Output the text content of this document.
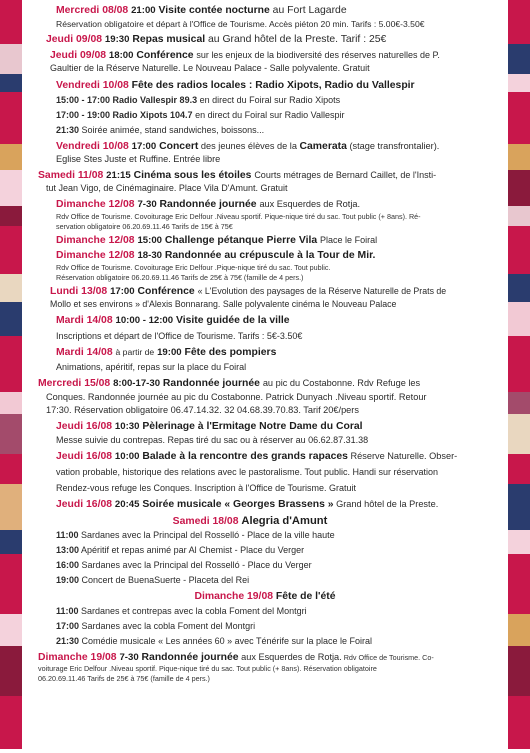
Mercredi 08/08 21:00 Visite contée nocturne au Fort Lagarde
Réservation obligatoire et départ à l'Office de Tourisme. Accès piéton 20 min. Tarifs : 5.00€-3.50€
Jeudi 09/08 19:30 Repas musical au Grand hôtel de la Preste. Tarif : 25€
Jeudi 09/08 18:00 Conférence sur les enjeux de la biodiversité des réserves naturelles de P.
Gaultier de la Réserve Naturelle. Le Nouveau Palace - Salle polyvalente. Gratuit
Vendredi 10/08 Fête des radios locales : Radio Xipots, Radio du Vallespir
15:00 - 17:00 Radio Vallespir 89.3 en direct du Foiral sur Radio Xipots
17:00 - 19:00 Radio Xipots 104.7 en direct du Foiral sur Radio Vallespir
21:30 Soirée animée, stand sandwiches, boissons...
Vendredi 10/08 17:00 Concert des jeunes élèves de la Camerata (stage transfrontalier).
Eglise Stes Juste et Ruffine. Entrée libre
Samedi 11/08 21:15 Cinéma sous les étoiles Courts métrages de Bernard Caillet, de l'Insti-
tut Jean Vigo, de Cinémaginaire. Place Vila D'Amunt. Gratuit
Dimanche 12/08 7-30 Randonnée journée aux Esquerdes de Rotja.
Rdv Office de Tourisme. Covoiturage Eric Delfour .Niveau sportif. Pique-nique tiré du sac. Tout public (+ 8ans). Ré-
servation obligatoire 06.20.69.11.46 Tarifs de 15€ à 75€
Dimanche 12/08 15:00 Challenge pétanque Pierre Vila Place le Foiral
Dimanche 12/08 18-30 Randonnée au crépuscule à la Tour de Mir.
Rdv Office de Tourisme. Covoiturage Eric Delfour .Pique-nique tiré du sac. Tout public.
Réservation obligatoire 06.20.69.11.46 Tarifs de 25€ à 75€ (famille de 4 pers.)
Lundi 13/08 17:00 Conférence « L'Evolution des paysages de la Réserve Naturelle de Prats de
Mollo et ses environs » d'Alexis Bonnarang. Salle polyvalente cinéma le Nouveau Palace
Mardi 14/08 10:00 - 12:00 Visite guidée de la ville
Inscriptions et départ de l'Office de Tourisme. Tarifs : 5€-3.50€
Mardi 14/08 à partir de 19:00 Fête des pompiers
Animations, apéritif, repas sur la place du Foiral
Mercredi 15/08 8:00-17-30 Randonnée journée au pic du Costabonne. Rdv Refuge les
Conques. Randonnée journée au pic du Costabonne. Patrick Dunyach .Niveau sportif. Retour
17:30. Réservation obligatoire 06.47.14.32. 32 04.68.39.70.83. Tarif 20€/pers
Jeudi 16/08 10:30 Pèlerinage à l'Ermitage Notre Dame du Coral
Messe suivie du contrepas. Repas tiré du sac ou à réserver au 06.62.87.31.38
Jeudi 16/08 10:00 Balade à la rencontre des grands rapaces Réserve Naturelle. Obser-
vation probable, historique des relations avec le pastoralisme. Tout public. Handi sur réservation
Rendez-vous refuge les Conques. Inscription à l'Office de Tourisme. Gratuit
Jeudi 16/08 20:45 Soirée musicale « Georges Brassens » Grand hôtel de la Preste.
Samedi 18/08 Alegria d'Amunt
11:00 Sardanes avec la Principal del Rosselló - Place de la ville haute
13:00 Apéritif et repas animé par Al Chemist - Place du Verger
16:00 Sardanes avec la Principal del Rosselló - Place du Verger
19:00 Concert de BuenaSuerte - Placeta del Rei
Dimanche 19/08 Fête de l'été
11:00 Sardanes et contrepas avec la cobla Foment del Montgri
17:00 Sardanes avec la cobla Foment del Montgri
21:30 Comédie musicale « Les années 60 » avec Ténérife sur la place le Foiral
Dimanche 19/08 7-30 Randonnée journée aux Esquerdes de Rotja. Rdv Office de Tourisme. Co-
voiturage Eric Delfour .Niveau sportif. Pique-nique tiré du sac. Tout public (+ 8ans). Réservation obligatoire
06.20.69.11.46 Tarifs de 25€ à 75€ (famille de 4 pers.)
